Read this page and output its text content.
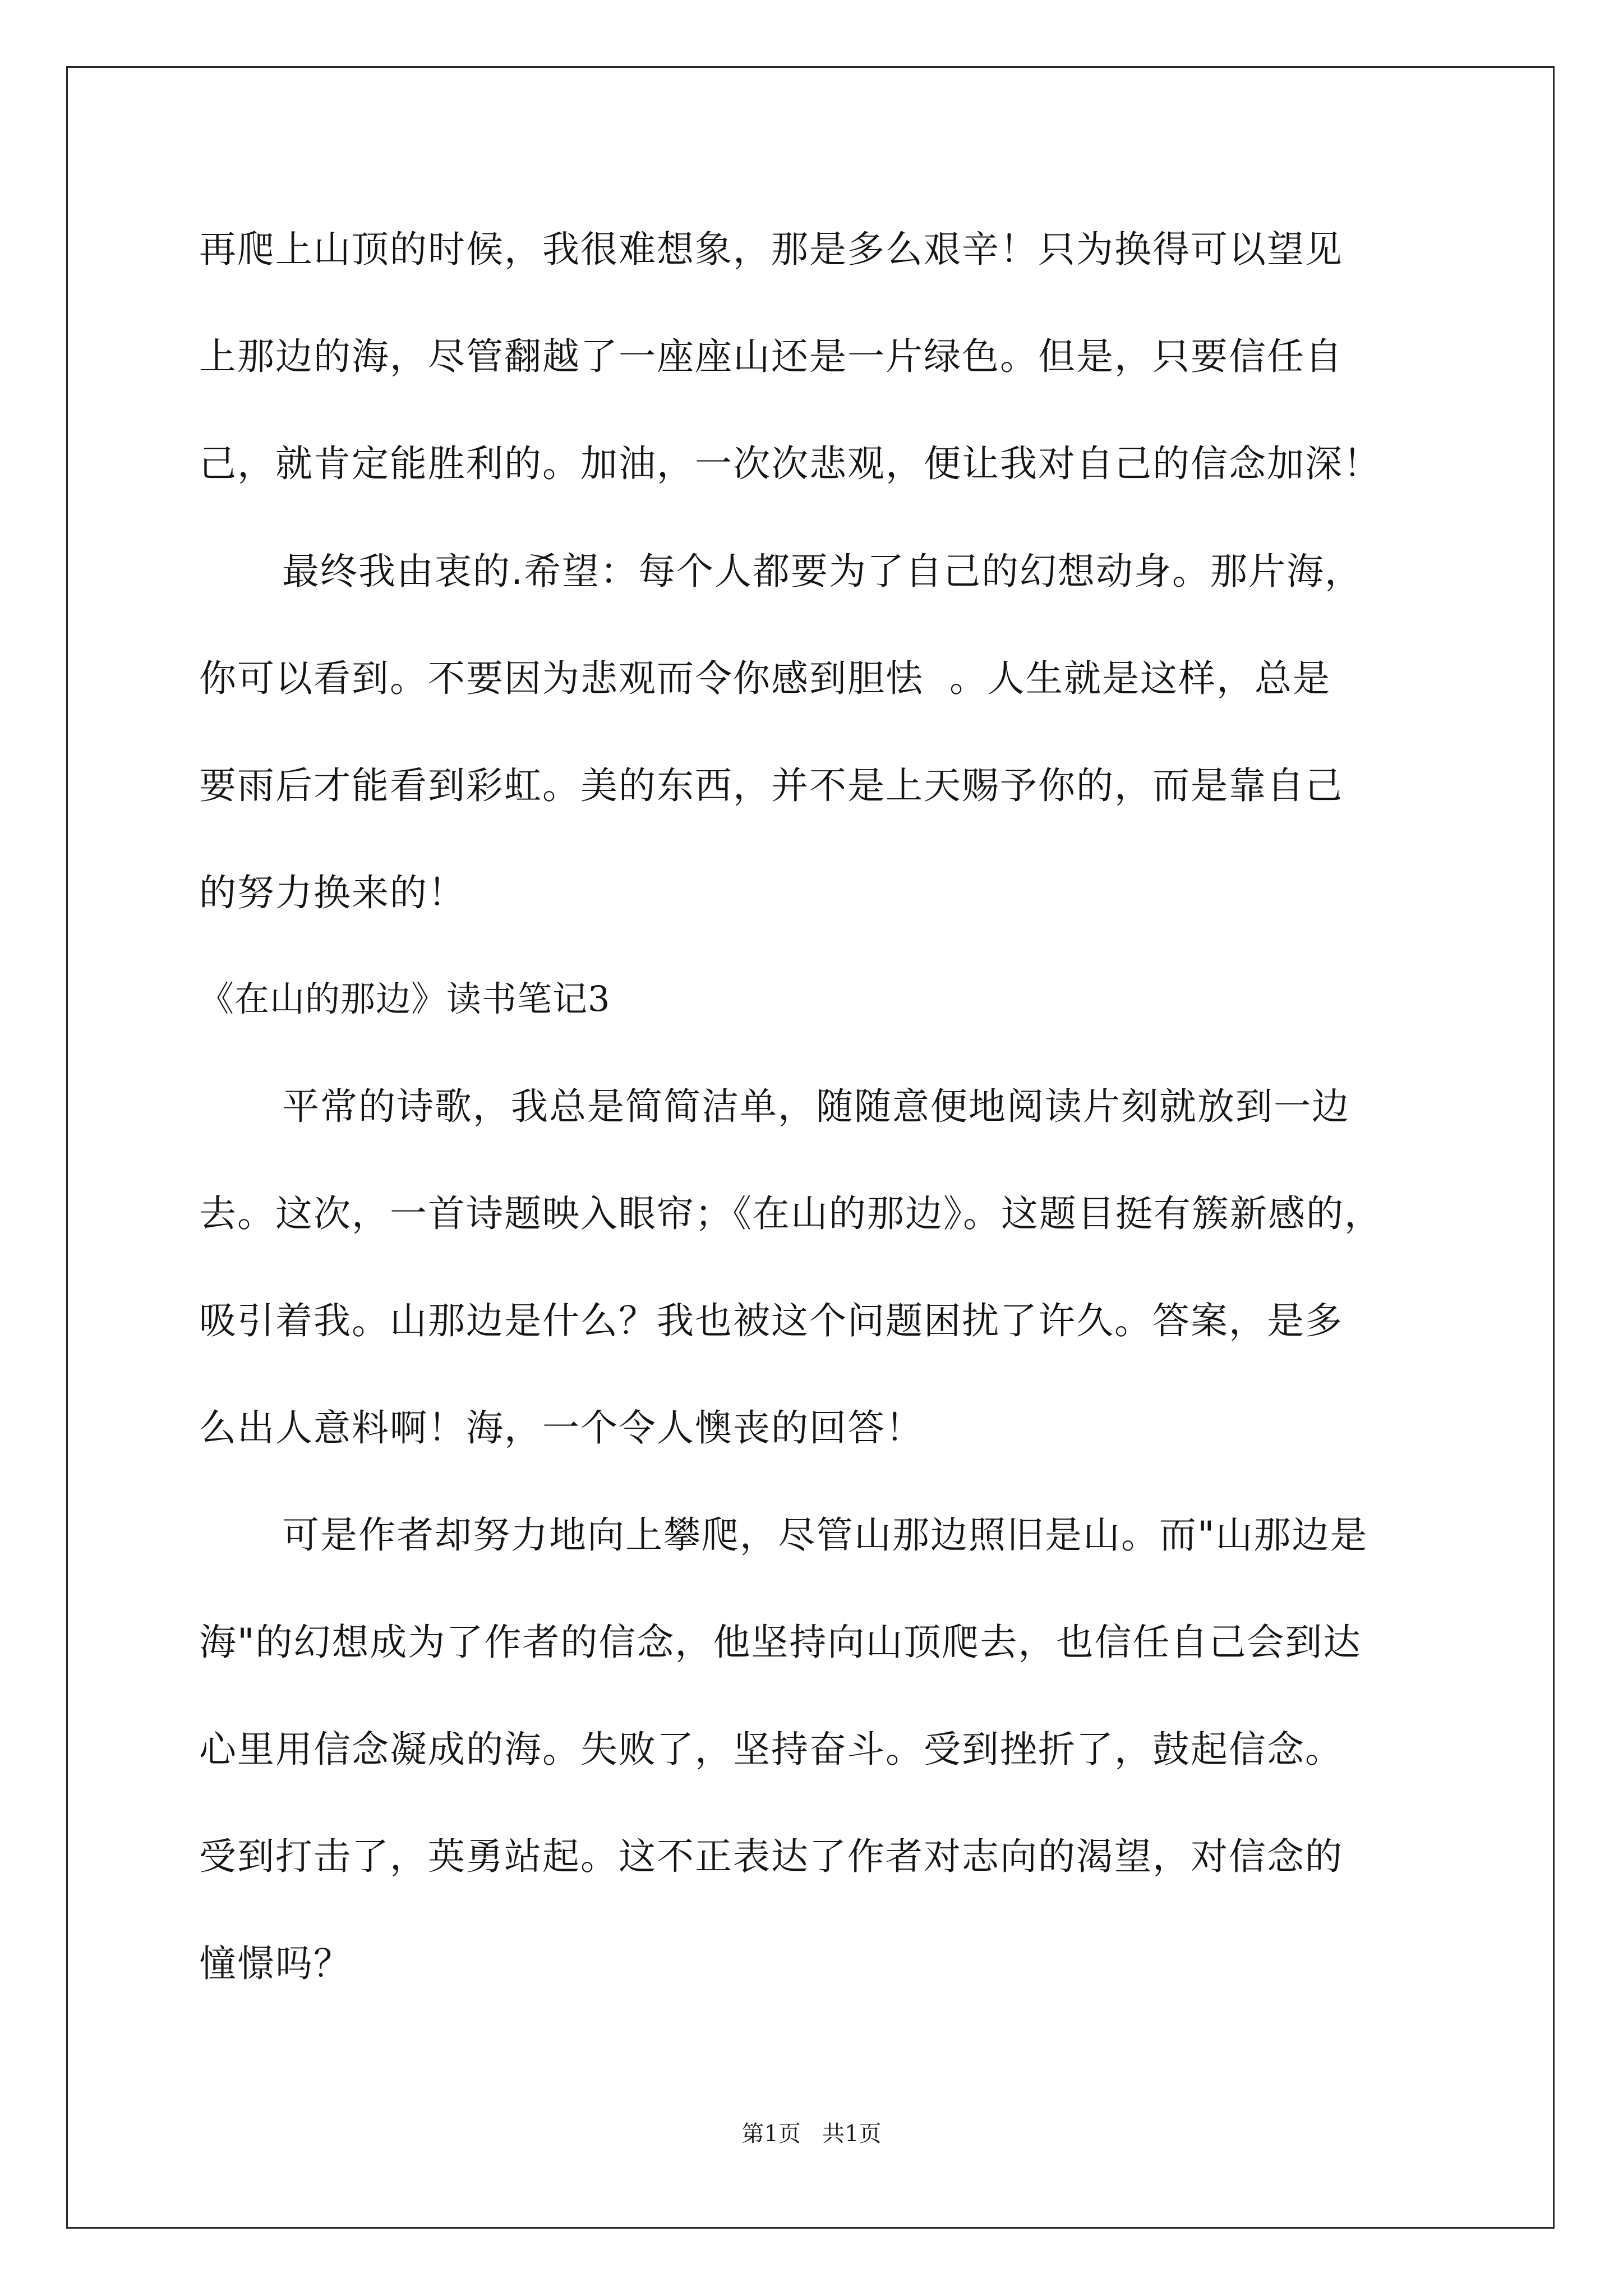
再爬上山顶的时候，我很难想象，那是多么艰辛！只为换得可以望见
上那边的海，尽管翻越了一座座山还是一片绿色。但是，只要信任自
己，就肯定能胜利的。加油，一次次悲观，便让我对自己的信念加深！
最终我由衷的.希望：每个人都要为了自己的幻想动身。那片海，
你可以看到。不要因为悲观而令你感到胆怯  。人生就是这样，总是
要雨后才能看到彩虹。美的东西，并不是上天赐予你的，而是靠自己
的努力换来的！
《在山的那边》读书笔记3
平常的诗歌，我总是简简洁单，随随意便地阅读片刻就放到一边
去。这次，一首诗题映入眼帘；《在山的那边》。这题目挺有簇新感的，
吸引着我。山那边是什么？我也被这个问题困扰了许久。答案，是多
么出人意料啊！海，一个令人懊丧的回答！
可是作者却努力地向上攀爬，尽管山那边照旧是山。而"山那边是
海"的幻想成为了作者的信念，他坚持向山顶爬去，也信任自己会到达
心里用信念凝成的海。失败了，坚持奋斗。受到挫折了，鼓起信念。
受到打击了，英勇站起。这不正表达了作者对志向的渴望，对信念的
憧憬吗？
第1页   共1页
